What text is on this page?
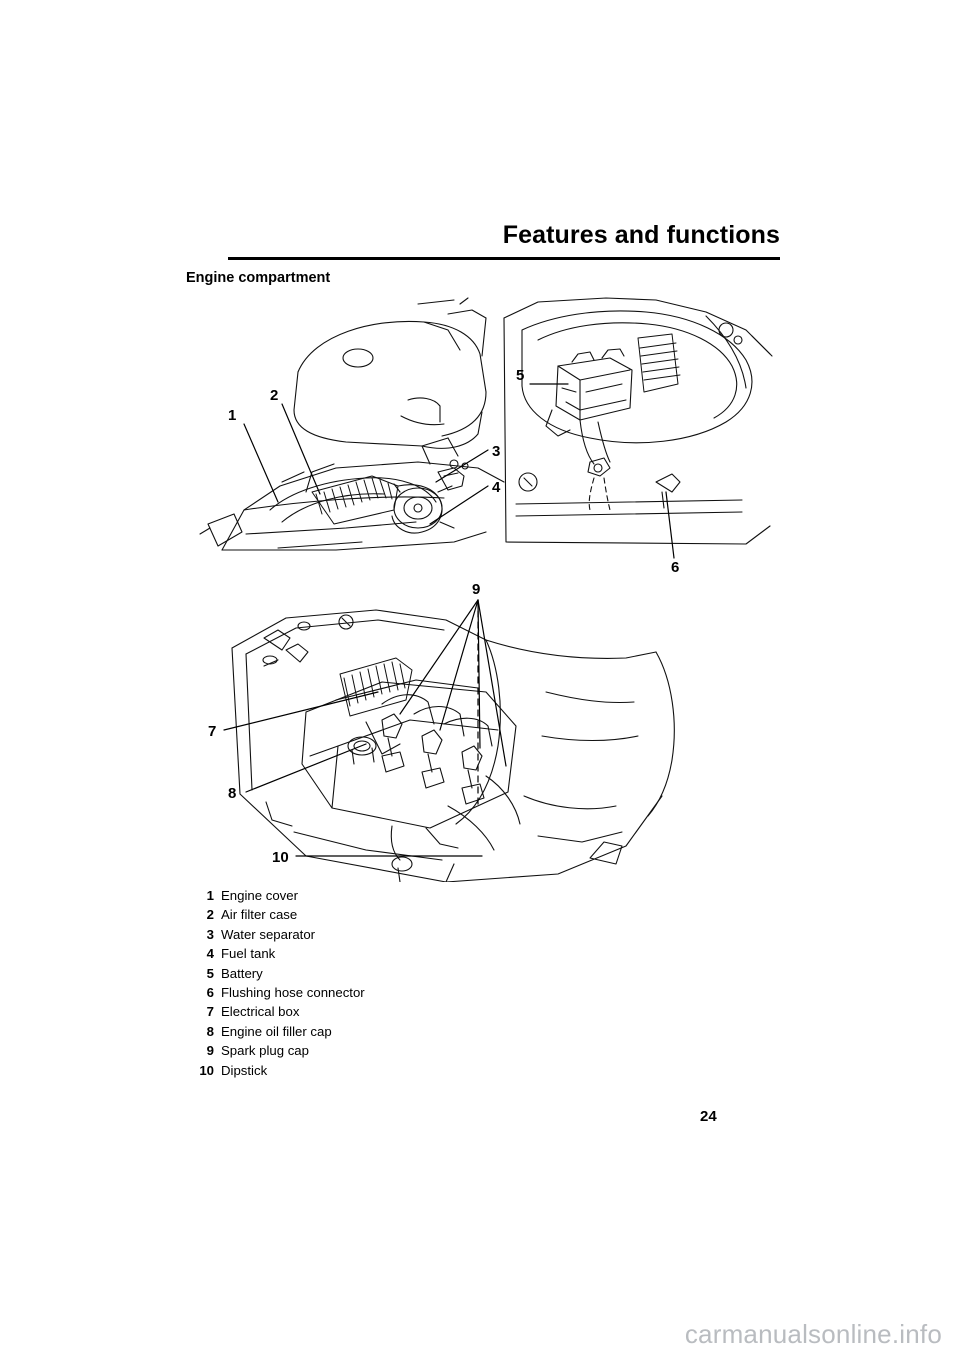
Features and functions
Engine compartment
1
2
3
4
5
6
7
8
10
9
1 Engine cover
2 Air filter case
3 Water separator
4 Fuel tank
5 Battery
6 Flushing hose connector
7 Electrical box
8 Engine oil filler cap
9 Spark plug cap
10 Dipstick
24
carmanualsonline.info
